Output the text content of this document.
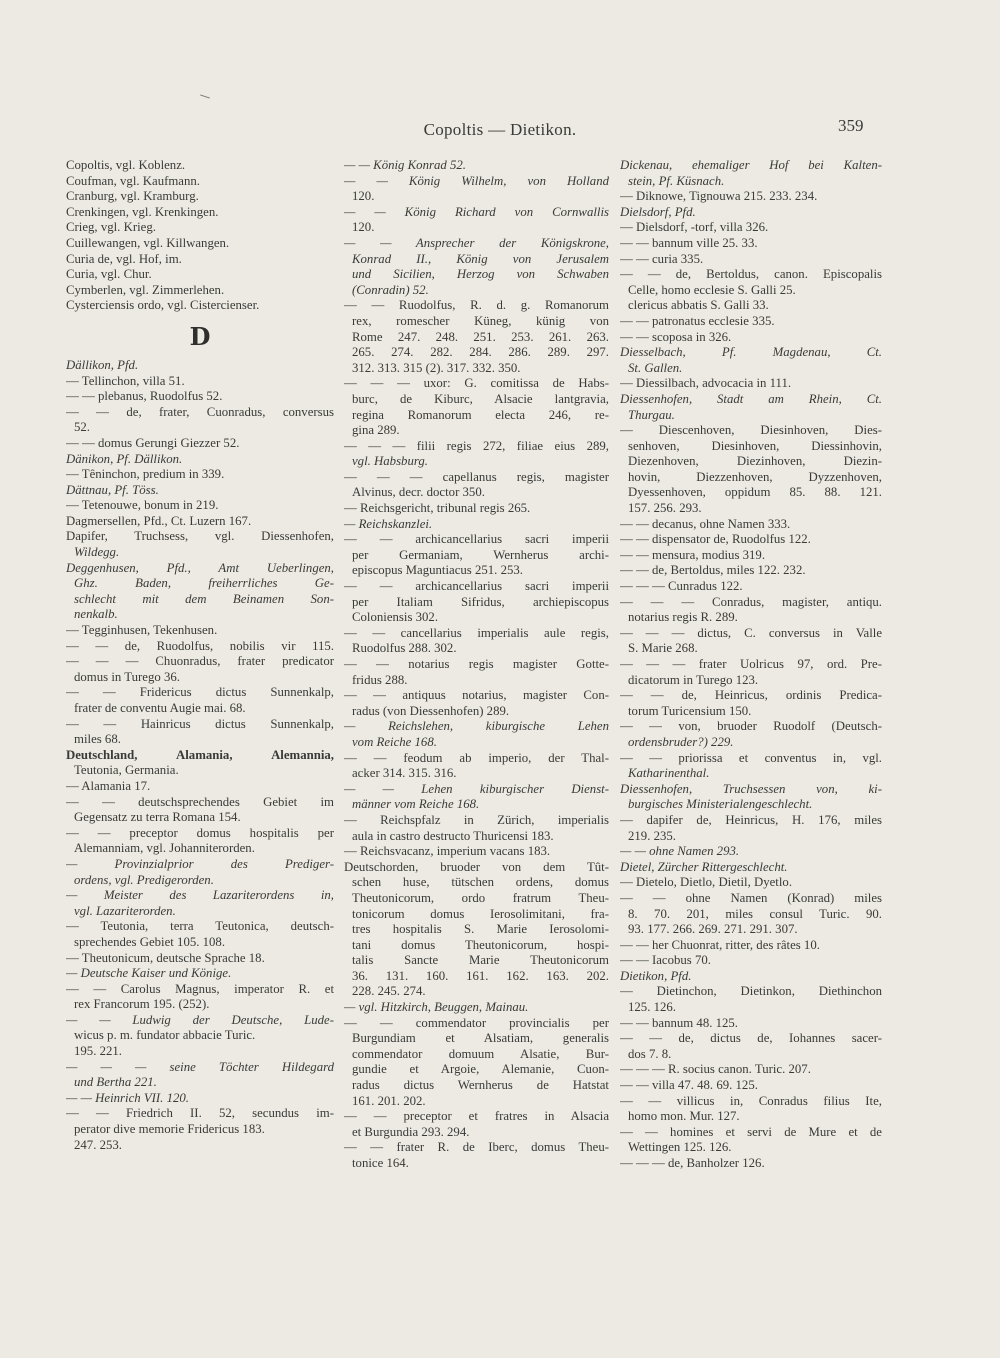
Copoltis — Dietikon.	359
Copoltis, vgl. Koblenz.
Coufman, vgl. Kaufmann.
Cranburg, vgl. Kramburg.
Crenkingen, vgl. Krenkingen.
Crieg, vgl. Krieg.
Cuillewangen, vgl. Killwangen.
Curia de, vgl. Hof, im.
Curia, vgl. Chur.
Cymberlen, vgl. Zimmerlehen.
Cysterciensis ordo, vgl. Cistercienser.
D
Dällikon, Pfd.
— Tellinchon, villa 51.
— — plebanus, Ruodolfus 52.
— — de, frater, Cuonradus, conversus
52.
— — domus Gerungi Giezzer 52.
Dänikon, Pf. Dällikon.
— Têninchon, predium in 339.
Dättnau, Pf. Töss.
— Tetenouwe, bonum in 219.
Dagmersellen, Pfd., Ct. Luzern 167.
Dapifer, Truchsess, vgl. Diessenhofen,
Wildegg.
Deggenhusen, Pfd., Amt Ueberlingen,
Ghz. Baden, freiherrliches Ge-
schlecht mit dem Beinamen Son-
nenkalb.
— Tegginhusen, Tekenhusen.
— — de, Ruodolfus, nobilis vir 115.
— — — Chuonradus, frater predicator
domus in Turego 36.
— — Fridericus dictus Sunnenkalp,
frater de conventu Augie mai. 68.
— — Hainricus dictus Sunnenkalp,
miles 68.
Deutschland, Alamania, Alemannia,
Teutonia, Germania.
— Alamania 17.
— — deutschsprechendes Gebiet im
Gegensatz zu terra Romana 154.
— — preceptor domus hospitalis per
Alemanniam, vgl. Johanniterorden.
— Provinzialprior des Prediger-
ordens, vgl. Predigerorden.
— Meister des Lazariterordens in,
vgl. Lazariterorden.
— Teutonia, terra Teutonica, deutsch-
sprechendes Gebiet 105. 108.
— Theutonicum, deutsche Sprache 18.
— Deutsche Kaiser und Könige.
— — Carolus Magnus, imperator R. et
rex Francorum 195. (252).
— — Ludwig der Deutsche, Lude-
wicus p. m. fundator abbacie Turic.
195. 221.
— — — seine Töchter Hildegard
und Bertha 221.
— — Heinrich VII. 120.
— — Friedrich II. 52, secundus im-
perator dive memorie Fridericus 183.
247. 253.
— — König Konrad 52.
— — König Wilhelm, von Holland
120.
— — König Richard von Cornwallis
120.
— — Ansprecher der Königskrone,
Konrad II., König von Jerusalem
und Sicilien, Herzog von Schwaben
(Conradin) 52.
— — Ruodolfus, R. d. g. Romanorum
rex, romescher Küneg, künig von
Rome 247. 248. 251. 253. 261. 263.
265. 274. 282. 284. 286. 289. 297.
312. 313. 315 (2). 317. 332. 350.
— — — uxor: G. comitissa de Habs-
burc, de Kiburc, Alsacie lantgravia,
regina Romanorum electa 246, re-
gina 289.
— — — filii regis 272, filiae eius 289,
vgl. Habsburg.
— — — capellanus regis, magister
Alvinus, decr. doctor 350.
— Reichsgericht, tribunal regis 265.
— Reichskanzlei.
— — archicancellarius sacri imperii
per Germaniam, Wernherus archi-
episcopus Maguntiacus 251. 253.
— — archicancellarius sacri imperii
per Italiam Sifridus, archiepiscopus
Coloniensis 302.
— — cancellarius imperialis aule regis,
Ruodolfus 288. 302.
— — notarius regis magister Gotte-
fridus 288.
— — antiquus notarius, magister Con-
radus (von Diessenhofen) 289.
— Reichslehen, kiburgische Lehen
vom Reiche 168.
— — feodum ab imperio, der Thal-
acker 314. 315. 316.
— — Lehen kiburgischer Dienst-
männer vom Reiche 168.
— Reichspfalz in Zürich, imperialis
aula in castro destructo Thuricensi 183.
— Reichsvacanz, imperium vacans 183.
Deutschorden, bruoder von dem Tût-
schen huse, tütschen ordens, domus
Theutonicorum, ordo fratrum Theu-
tonicorum domus Ierosolimitani, fra-
tres hospitalis S. Marie Ierosolomi-
tani domus Theutonicorum, hospi-
talis Sancte Marie Theutonicorum
36. 131. 160. 161. 162. 163. 202.
228. 245. 274.
— vgl. Hitzkirch, Beuggen, Mainau.
— — commendator provincialis per
Burgundiam et Alsatiam, generalis
commendator domuum Alsatie, Bur-
gundie et Argoie, Alemanie, Cuon-
radus dictus Wernherus de Hatstat
161. 201. 202.
— — preceptor et fratres in Alsacia
et Burgundia 293. 294.
— — frater R. de Iberc, domus Theu-
tonice 164.
Dickenau, ehemaliger Hof bei Kalten-
stein, Pf. Küsnach.
— Diknowe, Tignouwa 215. 233. 234.
Dielsdorf, Pfd.
— Dielsdorf, -torf, villa 326.
— — bannum ville 25. 33.
— — curia 335.
— — de, Bertoldus, canon. Episcopalis
Celle, homo ecclesie S. Galli 25.
clericus abbatis S. Galli 33.
— — patronatus ecclesie 335.
— — scoposa in 326.
Diesselbach, Pf. Magdenau, Ct.
St. Gallen.
— Diessilbach, advocacia in 111.
Diessenhofen, Stadt am Rhein, Ct.
Thurgau.
— Diescenhoven, Diesinhoven, Dies-
senhoven, Diesinhoven, Diessinhovin,
Diezenhoven, Diezinhoven, Diezin-
hovin, Diezzenhoven, Dyzzenhoven,
Dyessenhoven, oppidum 85. 88. 121.
157. 256. 293.
— — decanus, ohne Namen 333.
— — dispensator de, Ruodolfus 122.
— — mensura, modius 319.
— — de, Bertoldus, miles 122. 232.
— — — Cunradus 122.
— — — Conradus, magister, antiqu.
notarius regis R. 289.
— — — dictus, C. conversus in Valle
S. Marie 268.
— — — frater Uolricus 97, ord. Pre-
dicatorum in Turego 123.
— — de, Heinricus, ordinis Predica-
torum Turicensium 150.
— — von, bruoder Ruodolf (Deutsch-
ordensbruder?) 229.
— — priorissa et conventus in, vgl.
Katharinenthal.
Diessenhofen, Truchsessen von, ki-
burgisches Ministerialengeschlecht.
— dapifer de, Heinricus, H. 176, miles
219. 235.
— — ohne Namen 293.
Dietel, Zürcher Rittergeschlecht.
— Dietelo, Dietlo, Dietil, Dyetlo.
— — ohne Namen (Konrad) miles
8. 70. 201, miles consul Turic. 90.
93. 177. 266. 269. 271. 291. 307.
— — her Chuonrat, ritter, des râtes 10.
— — Iacobus 70.
Dietikon, Pfd.
— Dietinchon, Dietinkon, Diethinchon
125. 126.
— — bannum 48. 125.
— — de, dictus de, Iohannes sacer-
dos 7. 8.
— — — R. socius canon. Turic. 207.
— — villa 47. 48. 69. 125.
— — villicus in, Conradus filius Ite,
homo mon. Mur. 127.
— — homines et servi de Mure et de
Wettingen 125. 126.
— — — de, Banholzer 126.
